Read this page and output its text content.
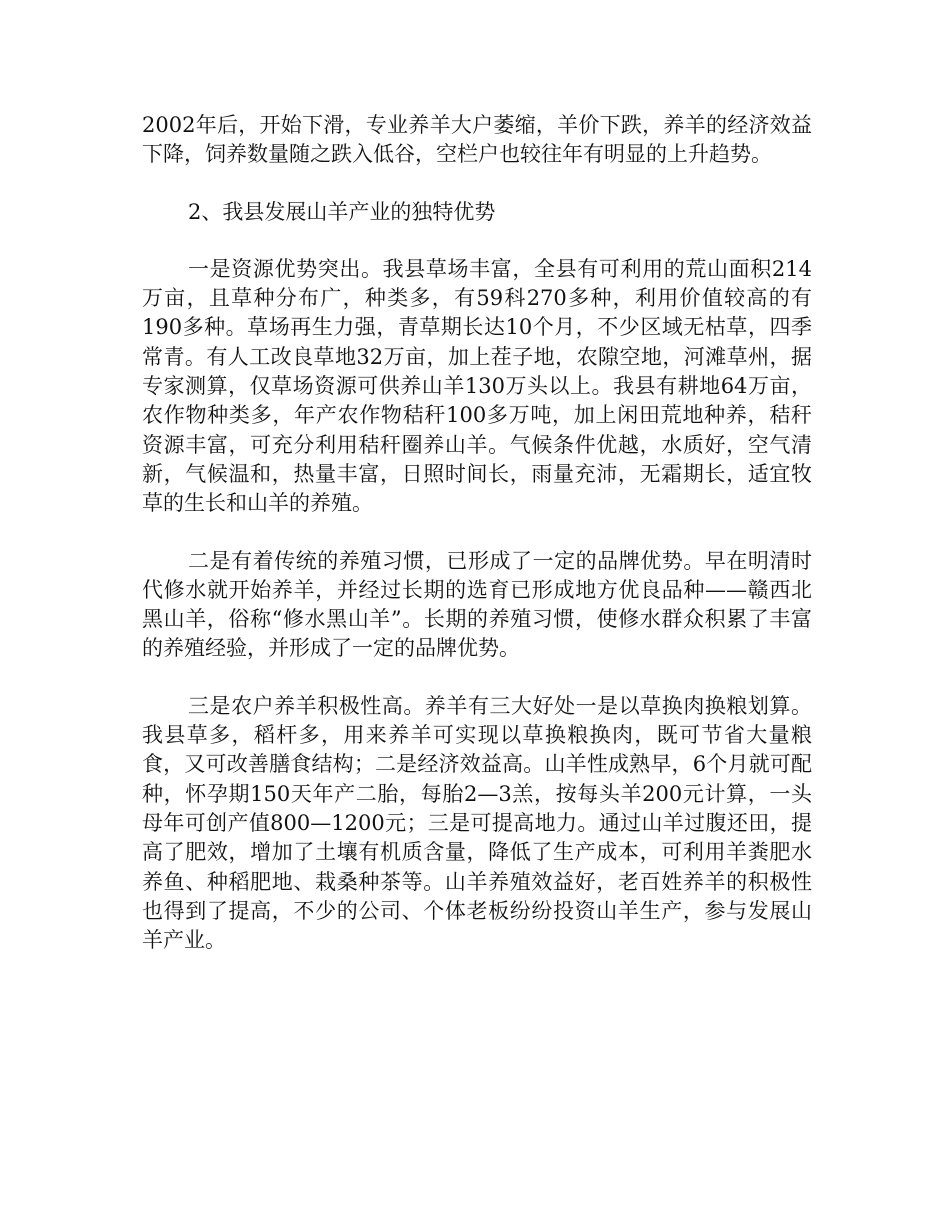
2002年后，开始下滑，专业养羊大户萎缩，羊价下跌，养羊的经济效益下降，饲养数量随之跌入低谷，空栏户也较往年有明显的上升趋势。

2、我县发展山羊产业的独特优势

一是资源优势突出。我县草场丰富，全县有可利用的荒山面积214万亩，且草种分布广，种类多，有59科270多种，利用价值较高的有190多种。草场再生力强，青草期长达10个月，不少区域无枯草，四季常青。有人工改良草地32万亩，加上茬子地，农隙空地，河滩草州，据专家测算，仅草场资源可供养山羊130万头以上。我县有耕地64万亩，农作物种类多，年产农作物秸秆100多万吨，加上闲田荒地种养，秸秆资源丰富，可充分利用秸秆圈养山羊。气候条件优越，水质好，空气清新，气候温和，热量丰富，日照时间长，雨量充沛，无霜期长，适宜牧草的生长和山羊的养殖。

二是有着传统的养殖习惯，已形成了一定的品牌优势。早在明清时代修水就开始养羊，并经过长期的选育已形成地方优良品种——赣西北黑山羊，俗称“修水黑山羊”。长期的养殖习惯，使修水群众积累了丰富的养殖经验，并形成了一定的品牌优势。

三是农户养羊积极性高。养羊有三大好处一是以草换肉换粮划算。我县草多，稻杆多，用来养羊可实现以草换粮换肉，既可节省大量粮食，又可改善膳食结构；二是经济效益高。山羊性成熟早，6个月就可配种，怀孕期150天年产二胎，每胎2—3羔，按每头羊200元计算，一头母年可创产值800—1200元；三是可提高地力。通过山羊过腹还田，提高了肥效，增加了土壤有机质含量，降低了生产成本，可利用羊粪肥水养鱼、种稻肥地、栽桑种茶等。山羊养殖效益好，老百姓养羊的积极性也得到了提高，不少的公司、个体老板纷纷投资山羊生产，参与发展山羊产业。
